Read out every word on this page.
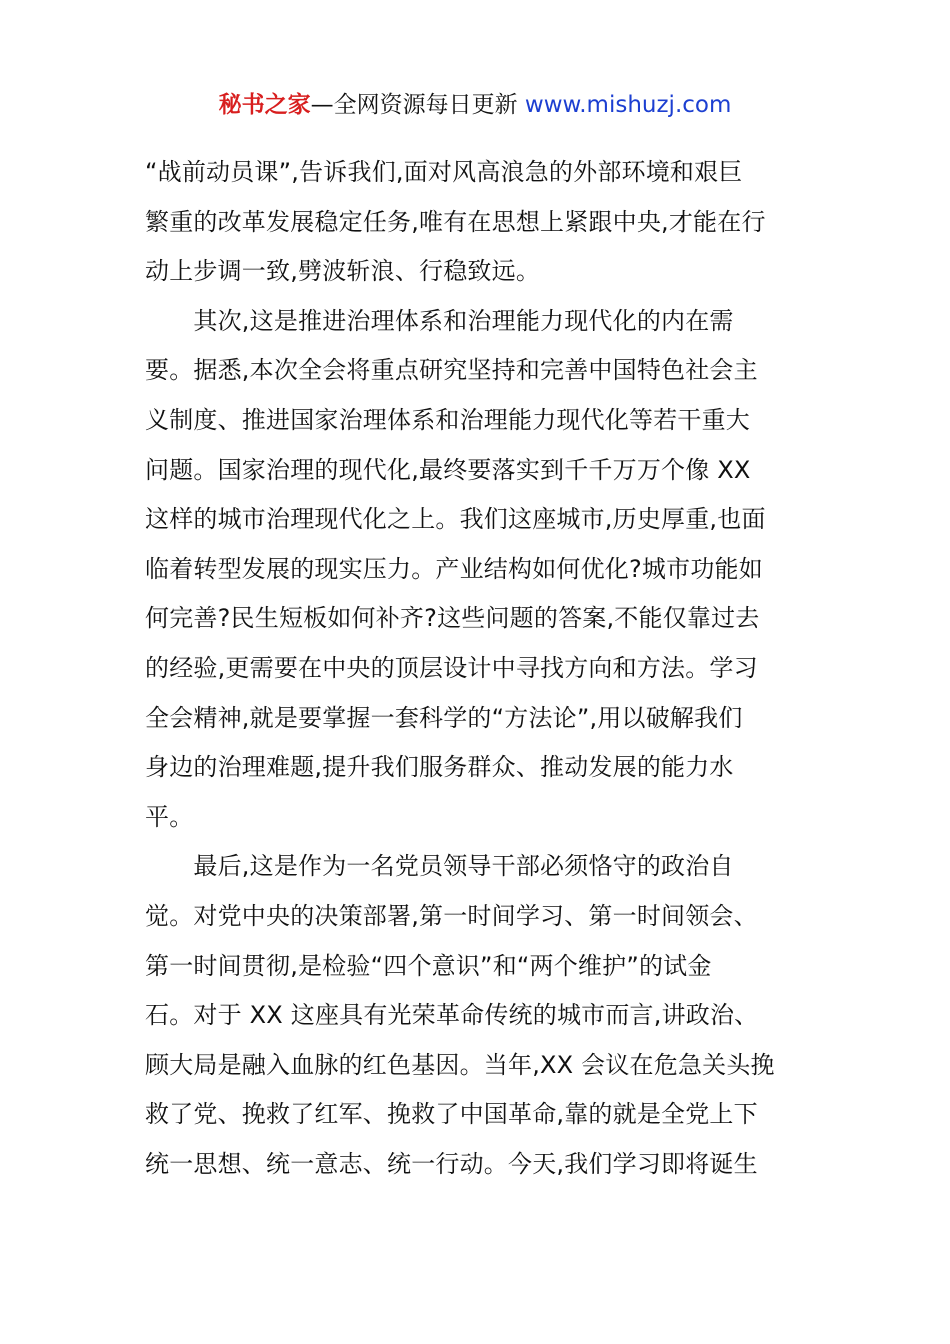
秘书之家—全网资源每日更新 www.mishuzj.com
“战前动员课”,告诉我们,面对风高浪急的外部环境和艰巨
繁重的改革发展稳定任务,唯有在思想上紧跟中央,才能在行
动上步调一致,劈波斩浪、行稳致远。
　　其次,这是推进治理体系和治理能力现代化的内在需
要。据悉,本次全会将重点研究坚持和完善中国特色社会主
义制度、推进国家治理体系和治理能力现代化等若干重大
问题。国家治理的现代化,最终要落实到千千万万个像 XX
这样的城市治理现代化之上。我们这座城市,历史厚重,也面
临着转型发展的现实压力。产业结构如何优化?城市功能如
何完善?民生短板如何补齐?这些问题的答案,不能仅靠过去
的经验,更需要在中央的顶层设计中寻找方向和方法。学习
全会精神,就是要掌握一套科学的“方法论”,用以破解我们
身边的治理难题,提升我们服务群众、推动发展的能力水
平。
　　最后,这是作为一名党员领导干部必须恪守的政治自
觉。对党中央的决策部署,第一时间学习、第一时间领会、
第一时间贯彻,是检验“四个意识”和“两个维护”的试金
石。对于 XX 这座具有光荣革命传统的城市而言,讲政治、
顾大局是融入血脉的红色基因。当年,XX 会议在危急关头挽
救了党、挽救了红军、挽救了中国革命,靠的就是全党上下
统一思想、统一意志、统一行动。今天,我们学习即将诞生
